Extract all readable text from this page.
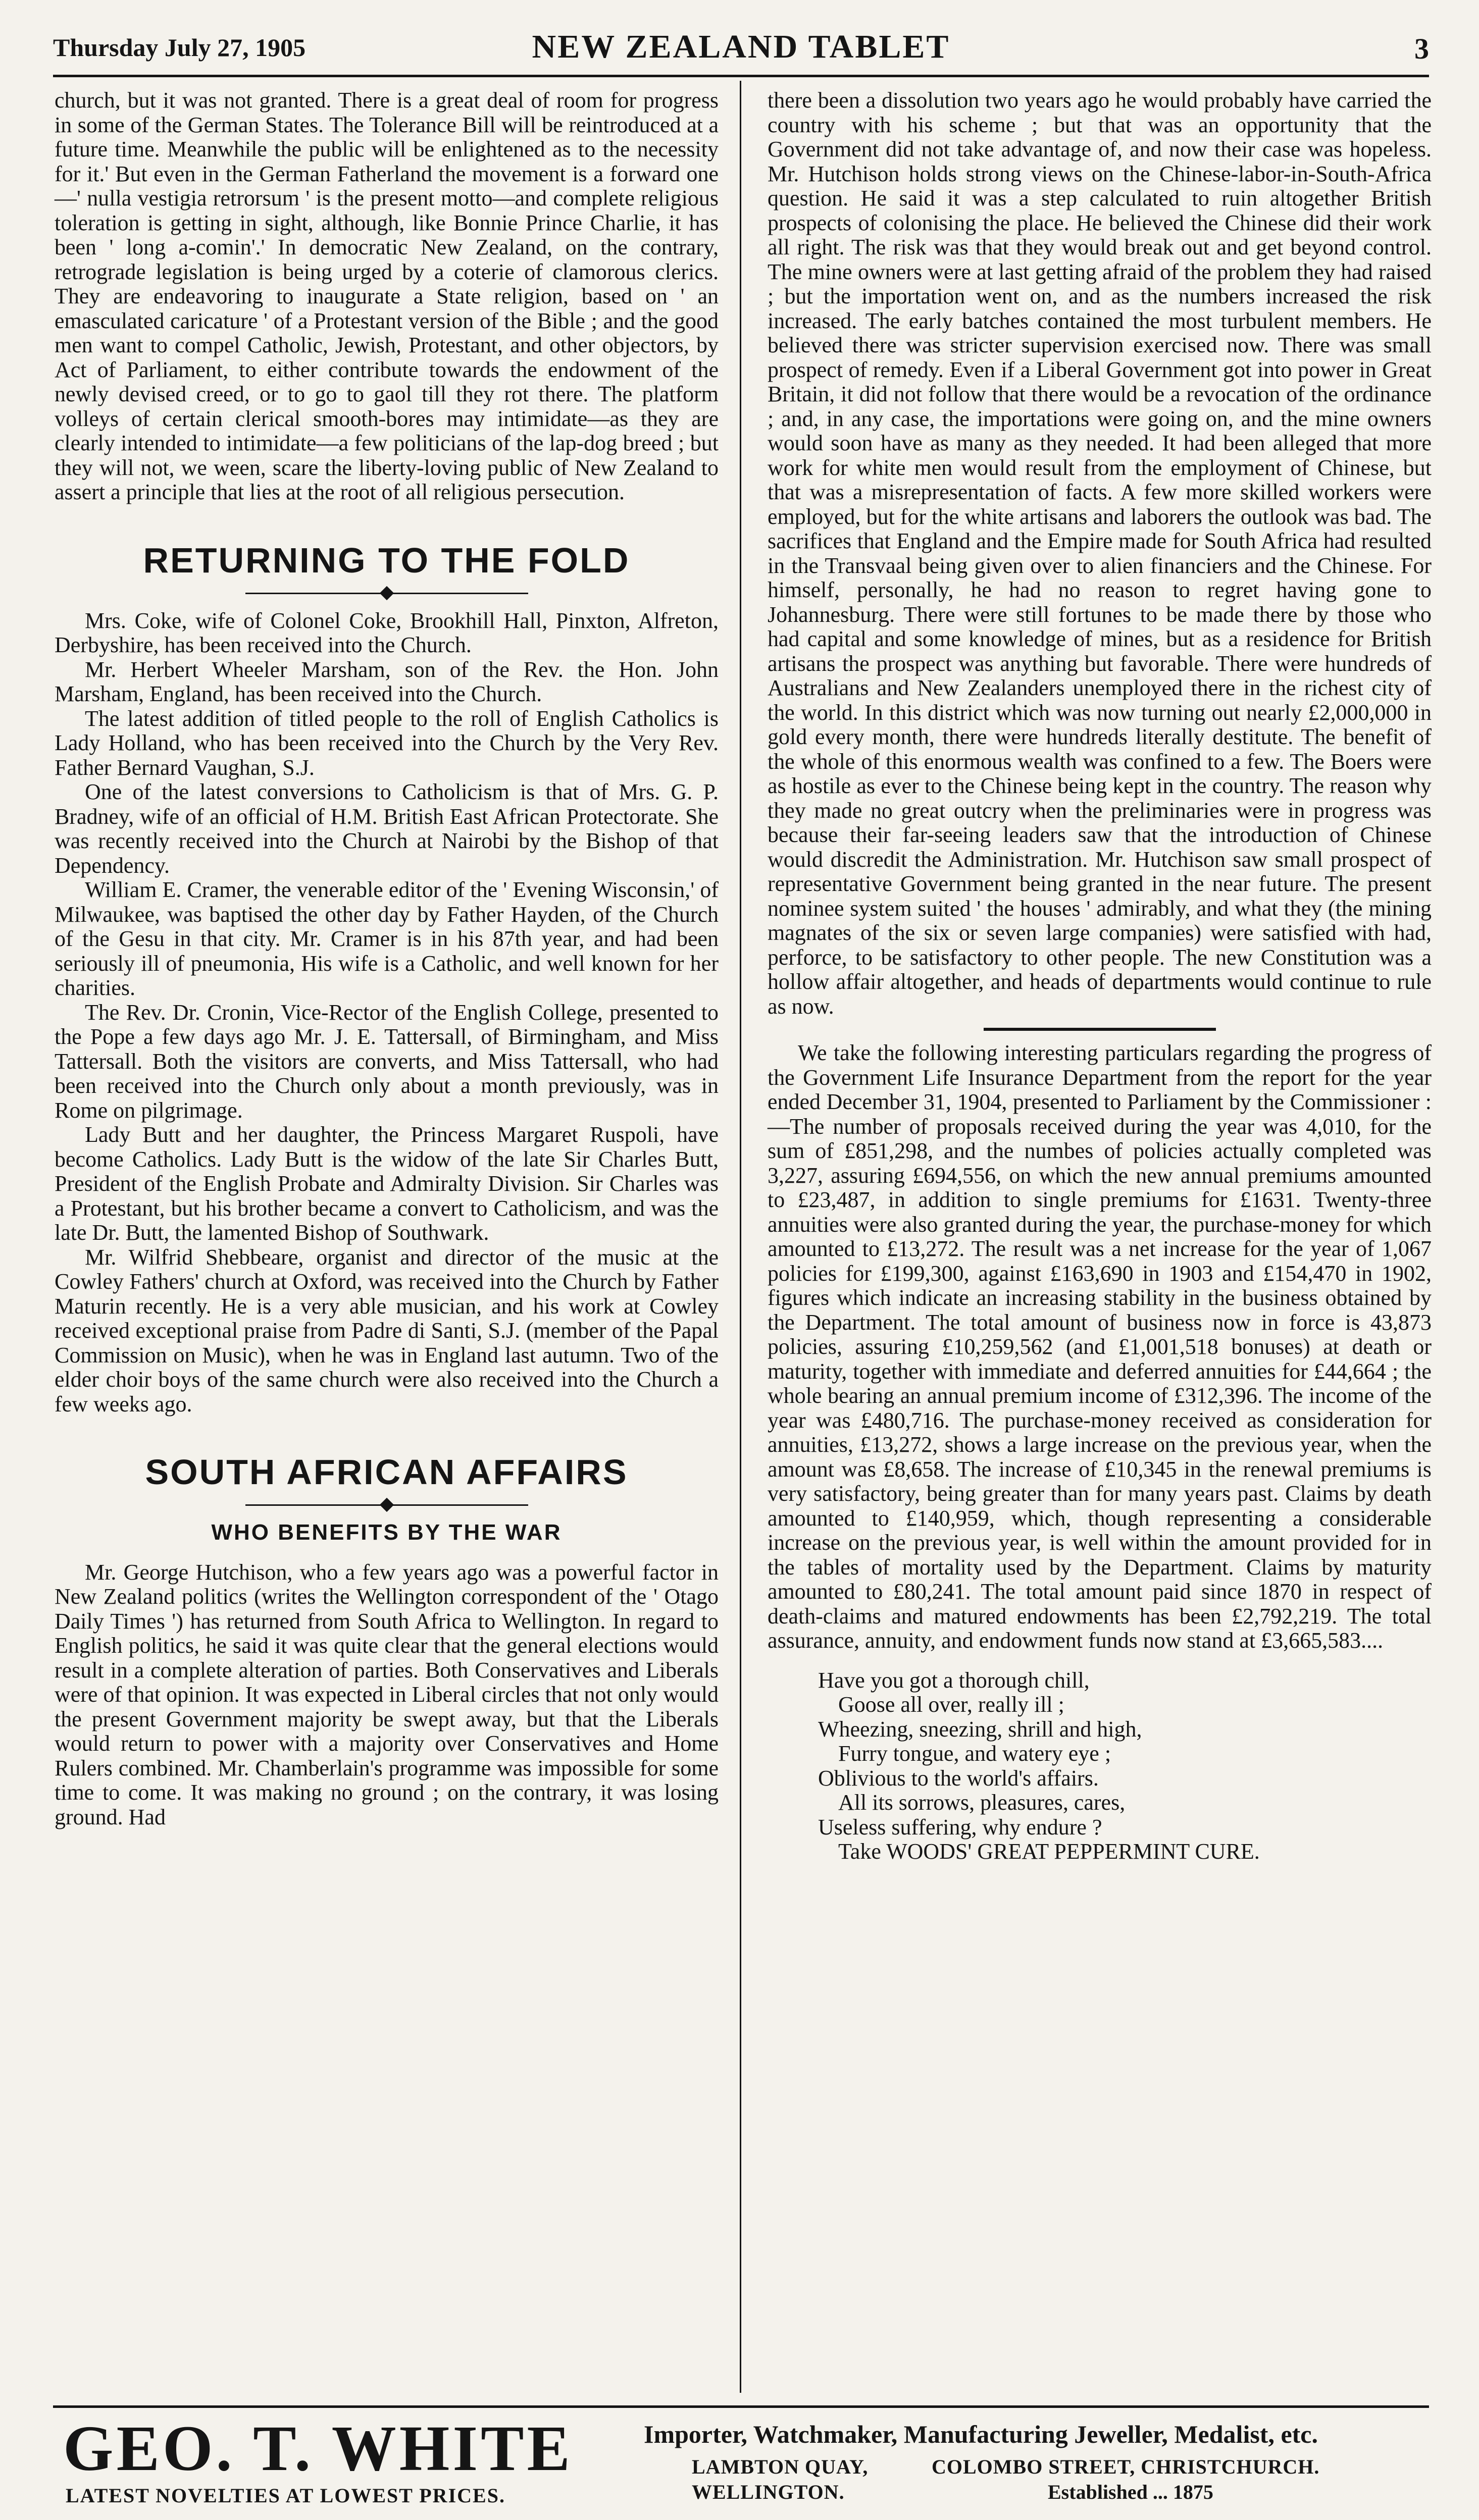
Thursday July 27, 1905	NEW ZEALAND TABLET	3

church, but it was not granted. There is a great deal of room for progress in some of the German States. The Tolerance Bill will be reintroduced at a future time. Meanwhile the public will be enlightened as to the necessity for it.' But even in the German Fatherland the movement is a forward one—' nulla vestigia retrorsum ' is the present motto—and complete religious toleration is getting in sight, although, like Bonnie Prince Charlie, it has been ' long a-comin'.' In democratic New Zealand, on the contrary, retrograde legislation is being urged by a coterie of clamorous clerics. They are endeavoring to inaugurate a State religion, based on ' an emasculated caricature ' of a Protestant version of the Bible ; and the good men want to compel Catholic, Jewish, Protestant, and other objectors, by Act of Parliament, to either contribute towards the endowment of the newly devised creed, or to go to gaol till they rot there. The platform volleys of certain clerical smooth-bores may intimidate—as they are clearly intended to intimidate—a few politicians of the lap-dog breed ; but they will not, we ween, scare the liberty-loving public of New Zealand to assert a principle that lies at the root of all religious persecution.

RETURNING TO THE FOLD

Mrs. Coke, wife of Colonel Coke, Brookhill Hall, Pinxton, Alfreton, Derbyshire, has been received into the Church.

Mr. Herbert Wheeler Marsham, son of the Rev. the Hon. John Marsham, England, has been received into the Church.

The latest addition of titled people to the roll of English Catholics is Lady Holland, who has been received into the Church by the Very Rev. Father Bernard Vaughan, S.J.

One of the latest conversions to Catholicism is that of Mrs. G. P. Bradney, wife of an official of H.M. British East African Protectorate. She was recently received into the Church at Nairobi by the Bishop of that Dependency.

William E. Cramer, the venerable editor of the ' Evening Wisconsin,' of Milwaukee, was baptised the other day by Father Hayden, of the Church of the Gesu in that city. Mr. Cramer is in his 87th year, and had been seriously ill of pneumonia, His wife is a Catholic, and well known for her charities.

The Rev. Dr. Cronin, Vice-Rector of the English College, presented to the Pope a few days ago Mr. J. E. Tattersall, of Birmingham, and Miss Tattersall. Both the visitors are converts, and Miss Tattersall, who had been received into the Church only about a month previously, was in Rome on pilgrimage.

Lady Butt and her daughter, the Princess Margaret Ruspoli, have become Catholics. Lady Butt is the widow of the late Sir Charles Butt, President of the English Probate and Admiralty Division. Sir Charles was a Protestant, but his brother became a convert to Catholicism, and was the late Dr. Butt, the lamented Bishop of Southwark.

Mr. Wilfrid Shebbeare, organist and director of the music at the Cowley Fathers' church at Oxford, was received into the Church by Father Maturin recently. He is a very able musician, and his work at Cowley received exceptional praise from Padre di Santi, S.J. (member of the Papal Commission on Music), when he was in England last autumn. Two of the elder choir boys of the same church were also received into the Church a few weeks ago.

SOUTH AFRICAN AFFAIRS
WHO BENEFITS BY THE WAR

Mr. George Hutchison, who a few years ago was a powerful factor in New Zealand politics (writes the Wellington correspondent of the ' Otago Daily Times ') has returned from South Africa to Wellington. In regard to English politics, he said it was quite clear that the general elections would result in a complete alteration of parties. Both Conservatives and Liberals were of that opinion. It was expected in Liberal circles that not only would the present Government majority be swept away, but that the Liberals would return to power with a majority over Conservatives and Home Rulers combined. Mr. Chamberlain's programme was impossible for some time to come. It was making no ground ; on the contrary, it was losing ground. Had

there been a dissolution two years ago he would probably have carried the country with his scheme ; but that was an opportunity that the Government did not take advantage of, and now their case was hopeless. Mr. Hutchison holds strong views on the Chinese-labor-in-South-Africa question. He said it was a step calculated to ruin altogether British prospects of colonising the place. He believed the Chinese did their work all right. The risk was that they would break out and get beyond control. The mine owners were at last getting afraid of the problem they had raised ; but the importation went on, and as the numbers increased the risk increased. The early batches contained the most turbulent members. He believed there was stricter supervision exercised now. There was small prospect of remedy. Even if a Liberal Government got into power in Great Britain, it did not follow that there would be a revocation of the ordinance ; and, in any case, the importations were going on, and the mine owners would soon have as many as they needed. It had been alleged that more work for white men would result from the employment of Chinese, but that was a misrepresentation of facts. A few more skilled workers were employed, but for the white artisans and laborers the outlook was bad. The sacrifices that England and the Empire made for South Africa had resulted in the Transvaal being given over to alien financiers and the Chinese. For himself, personally, he had no reason to regret having gone to Johannesburg. There were still fortunes to be made there by those who had capital and some knowledge of mines, but as a residence for British artisans the prospect was anything but favorable. There were hundreds of Australians and New Zealanders unemployed there in the richest city of the world. In this district which was now turning out nearly £2,000,000 in gold every month, there were hundreds literally destitute. The benefit of the whole of this enormous wealth was confined to a few. The Boers were as hostile as ever to the Chinese being kept in the country. The reason why they made no great outcry when the preliminaries were in progress was because their far-seeing leaders saw that the introduction of Chinese would discredit the Administration. Mr. Hutchison saw small prospect of representative Government being granted in the near future. The present nominee system suited ' the houses ' admirably, and what they (the mining magnates of the six or seven large companies) were satisfied with had, perforce, to be satisfactory to other people. The new Constitution was a hollow affair altogether, and heads of departments would continue to rule as now.

We take the following interesting particulars regarding the progress of the Government Life Insurance Department from the report for the year ended December 31, 1904, presented to Parliament by the Commissioner :—The number of proposals received during the year was 4,010, for the sum of £851,298, and the numbes of policies actually completed was 3,227, assuring £694,556, on which the new annual premiums amounted to £23,487, in addition to single premiums for £1631. Twenty-three annuities were also granted during the year, the purchase-money for which amounted to £13,272. The result was a net increase for the year of 1,067 policies for £199,300, against £163,690 in 1903 and £154,470 in 1902, figures which indicate an increasing stability in the business obtained by the Department. The total amount of business now in force is 43,873 policies, assuring £10,259,562 (and £1,001,518 bonuses) at death or maturity, together with immediate and deferred annuities for £44,664 ; the whole bearing an annual premium income of £312,396. The income of the year was £480,716. The purchase-money received as consideration for annuities, £13,272, shows a large increase on the previous year, when the amount was £8,658. The increase of £10,345 in the renewal premiums is very satisfactory, being greater than for many years past. Claims by death amounted to £140,959, which, though representing a considerable increase on the previous year, is well within the amount provided for in the tables of mortality used by the Department. Claims by maturity amounted to £80,241. The total amount paid since 1870 in respect of death-claims and matured endowments has been £2,792,219. The total assurance, annuity, and endowment funds now stand at £3,665,583....

Have you got a thorough chill,
Goose all over, really ill ;
Wheezing, sneezing, shrill and high,
Furry tongue, and watery eye ;
Oblivious to the world's affairs.
All its sorrows, pleasures, cares,
Useless suffering, why endure ?
Take WOODS' GREAT PEPPERMINT CURE.
GEO. T. WHITE
LATEST NOVELTIES AT LOWEST PRICES.
Importer, Watchmaker, Manufacturing Jeweller, Medalist, etc.
LAMBTON QUAY,	COLOMBO STREET, CHRISTCHURCH.
WELLINGTON.	Established ... 1875
